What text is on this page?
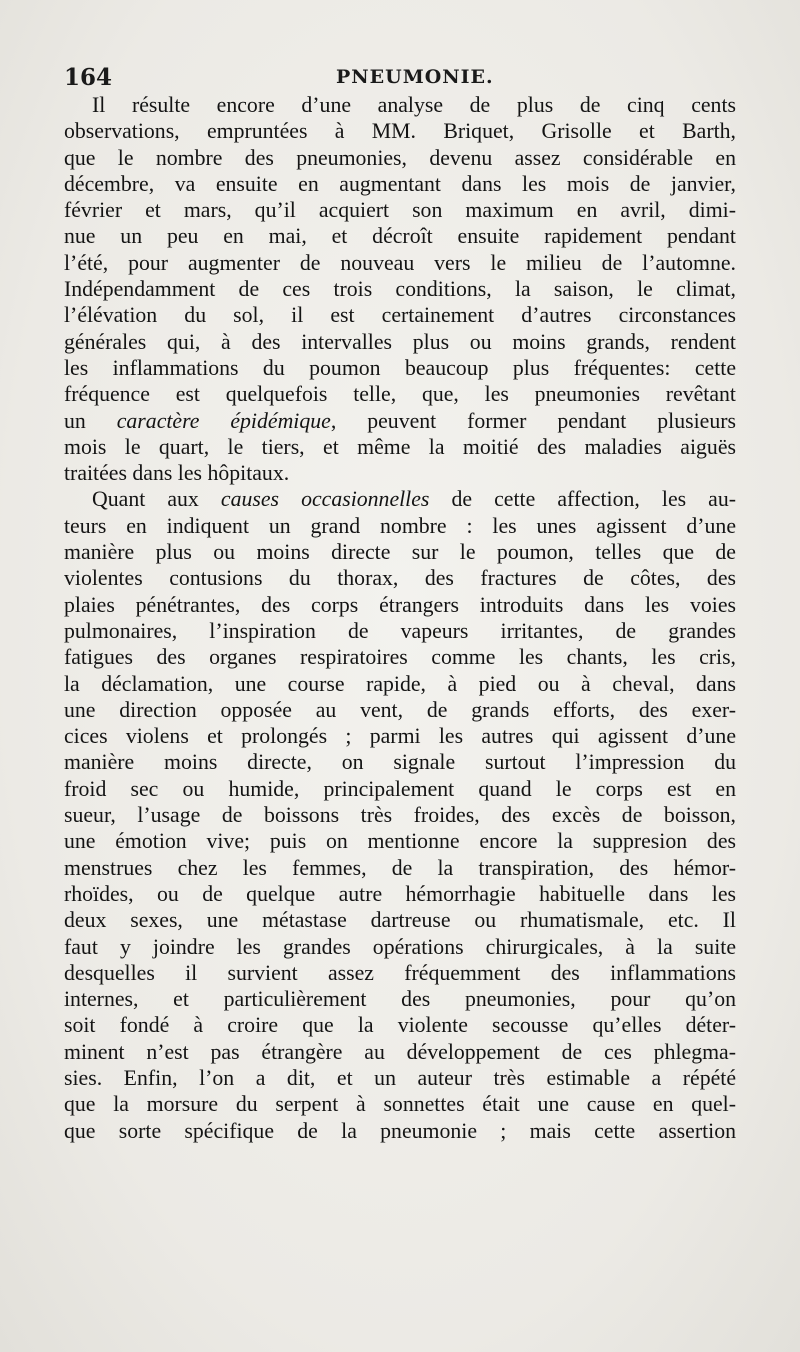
164	PNEUMONIE.
Il résulte encore d’une analyse de plus de cinq cents
observations, empruntées à MM. Briquet, Grisolle et Barth,
que le nombre des pneumonies, devenu assez considérable en
décembre, va ensuite en augmentant dans les mois de janvier,
février et mars, qu’il acquiert son maximum en avril, dimi-
nue un peu en mai, et décroît ensuite rapidement pendant
l’été, pour augmenter de nouveau vers le milieu de l’automne.
Indépendamment de ces trois conditions, la saison, le climat,
l’élévation du sol, il est certainement d’autres circonstances
générales qui, à des intervalles plus ou moins grands, rendent
les inflammations du poumon beaucoup plus fréquentes: cette
fréquence est quelquefois telle, que, les pneumonies revêtant
un caractère épidémique, peuvent former pendant plusieurs
mois le quart, le tiers, et même la moitié des maladies aiguës
traitées dans les hôpitaux.
Quant aux causes occasionnelles de cette affection, les au-
teurs en indiquent un grand nombre : les unes agissent d’une
manière plus ou moins directe sur le poumon, telles que de
violentes contusions du thorax, des fractures de côtes, des
plaies pénétrantes, des corps étrangers introduits dans les voies
pulmonaires, l’inspiration de vapeurs irritantes, de grandes
fatigues des organes respiratoires comme les chants, les cris,
la déclamation, une course rapide, à pied ou à cheval, dans
une direction opposée au vent, de grands efforts, des exer-
cices violens et prolongés ; parmi les autres qui agissent d’une
manière moins directe, on signale surtout l’impression du
froid sec ou humide, principalement quand le corps est en
sueur, l’usage de boissons très froides, des excès de boisson,
une émotion vive; puis on mentionne encore la suppresion des
menstrues chez les femmes, de la transpiration, des hémor-
rhoïdes, ou de quelque autre hémorrhagie habituelle dans les
deux sexes, une métastase dartreuse ou rhumatismale, etc. Il
faut y joindre les grandes opérations chirurgicales, à la suite
desquelles il survient assez fréquemment des inflammations
internes, et particulièrement des pneumonies, pour qu’on
soit fondé à croire que la violente secousse qu’elles déter-
minent n’est pas étrangère au développement de ces phlegma-
sies. Enfin, l’on a dit, et un auteur très estimable a répété
que la morsure du serpent à sonnettes était une cause en quel-
que sorte spécifique de la pneumonie ; mais cette assertion
